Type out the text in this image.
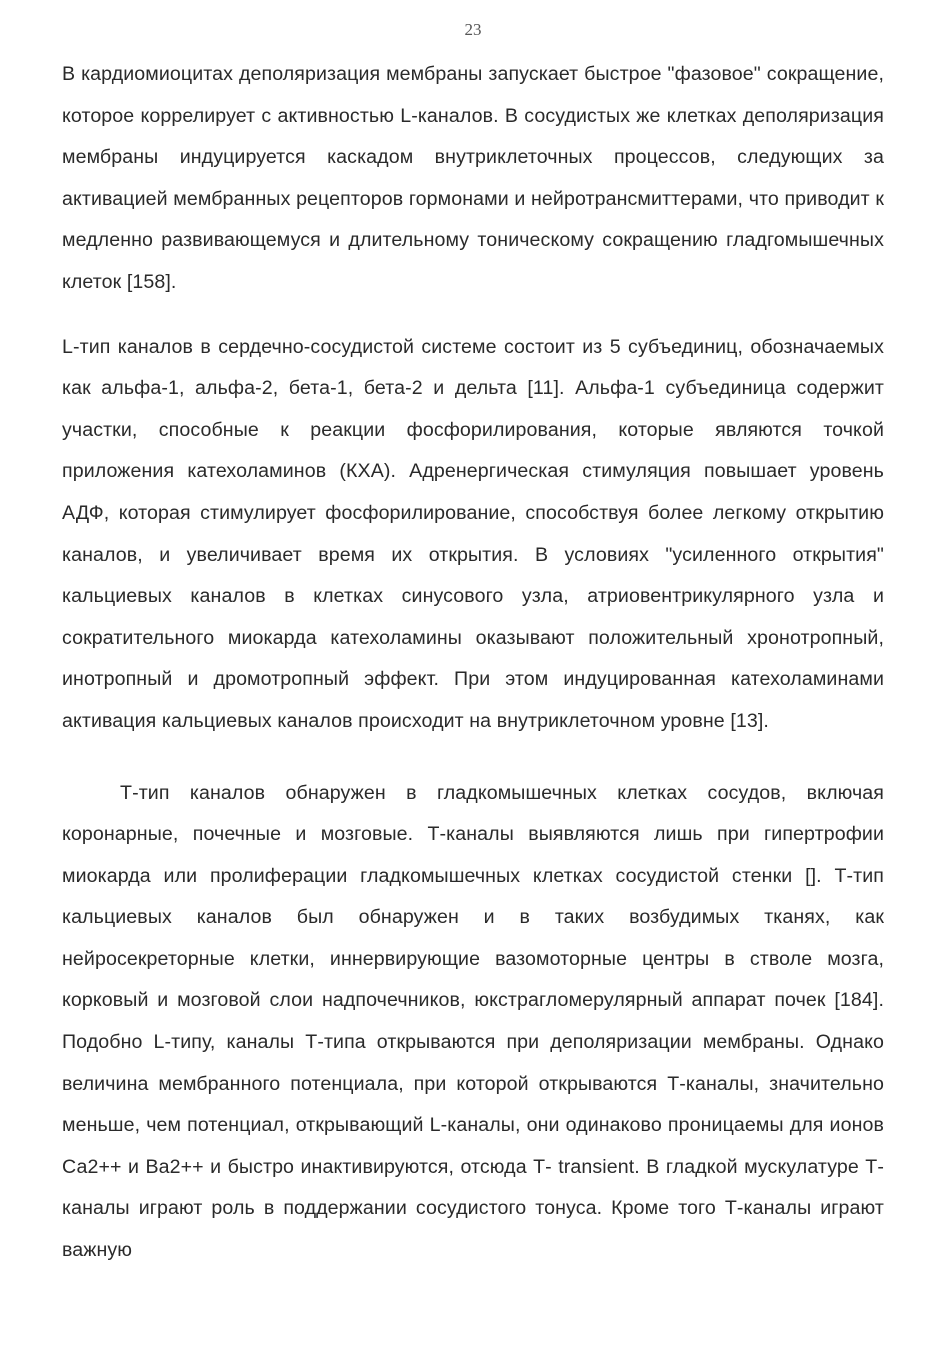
23

В кардиомиоцитах деполяризация мембраны запускает быстрое "фазовое" сокращение, которое коррелирует с активностью L-каналов. В сосудистых же клетках деполяризация мембраны индуцируется каскадом внутриклеточных процессов, следующих за активацией мембранных рецепторов гормонами и нейротрансмиттерами, что приводит к медленно развивающемуся и длительному тоническому сокращению гладгомышечных клеток [158].

L-тип каналов в сердечно-сосудистой системе состоит из 5 субъединиц, обозначаемых как альфа-1, альфа-2, бета-1, бета-2 и дельта [11]. Альфа-1 субъединица содержит участки, способные к реакции фосфорилирования, которые являются точкой приложения катехоламинов (КХА). Адренергическая стимуляция повышает уровень АДФ, которая стимулирует фосфорилирование, способствуя более легкому открытию каналов, и увеличивает время их открытия. В условиях "усиленного открытия" кальциевых каналов в клетках синусового узла, атриовентрикулярного узла и сократительного миокарда катехоламины оказывают положительный хронотропный, инотропный и дромотропный эффект. При этом индуцированная катехоламинами активация кальциевых каналов происходит на внутриклеточном уровне [13].

Т-тип каналов обнаружен в гладкомышечных клетках сосудов, включая коронарные, почечные и мозговые. Т-каналы выявляются лишь при гипертрофии миокарда или пролиферации гладкомышечных клетках сосудистой стенки []. Т-тип кальциевых каналов был обнаружен и в таких возбудимых тканях, как нейросекреторные клетки, иннервирующие вазомоторные центры в стволе мозга, корковый и мозговой слои надпочечников, юкстрагломерулярный аппарат почек [184]. Подобно L-типу, каналы Т-типа открываются при деполяризации мембраны. Однако величина мембранного потенциала, при которой открываются Т-каналы, значительно меньше, чем потенциал, открывающий L-каналы, они одинаково проницаемы для ионов Са2++ и Ва2++ и быстро инактивируются, отсюда Т- transient. В гладкой мускулатуре Т-каналы играют роль в поддержании сосудистого тонуса. Кроме того Т-каналы играют важную
